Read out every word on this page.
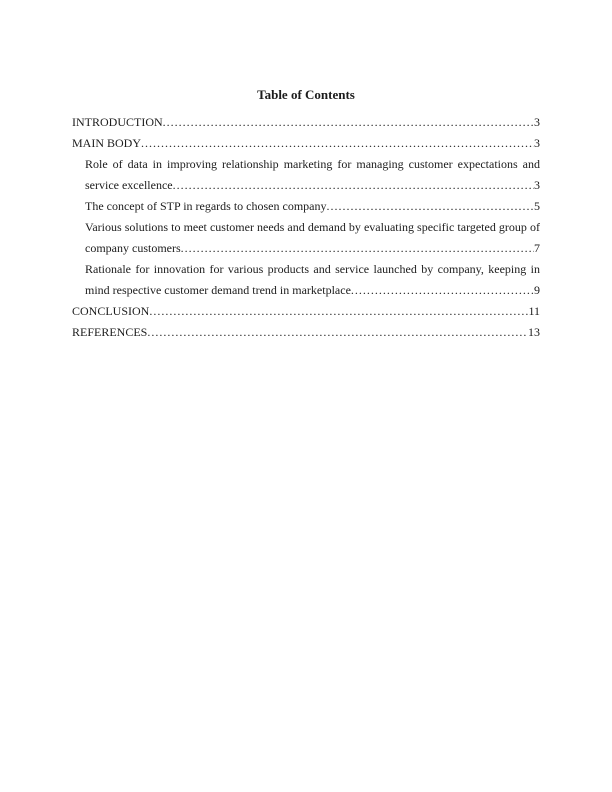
Table of Contents
INTRODUCTION .....	3
MAIN BODY .....	3
Role of data in improving relationship marketing for managing customer expectations and
service excellence .....	3
The concept of STP in regards to chosen company .....	5
Various solutions to meet customer needs and demand by evaluating specific targeted group of
company customers .....	7
Rationale for innovation for various products and service launched by company, keeping in
mind respective customer demand trend in marketplace .....	9
CONCLUSION .....	11
REFERENCES .....	13
